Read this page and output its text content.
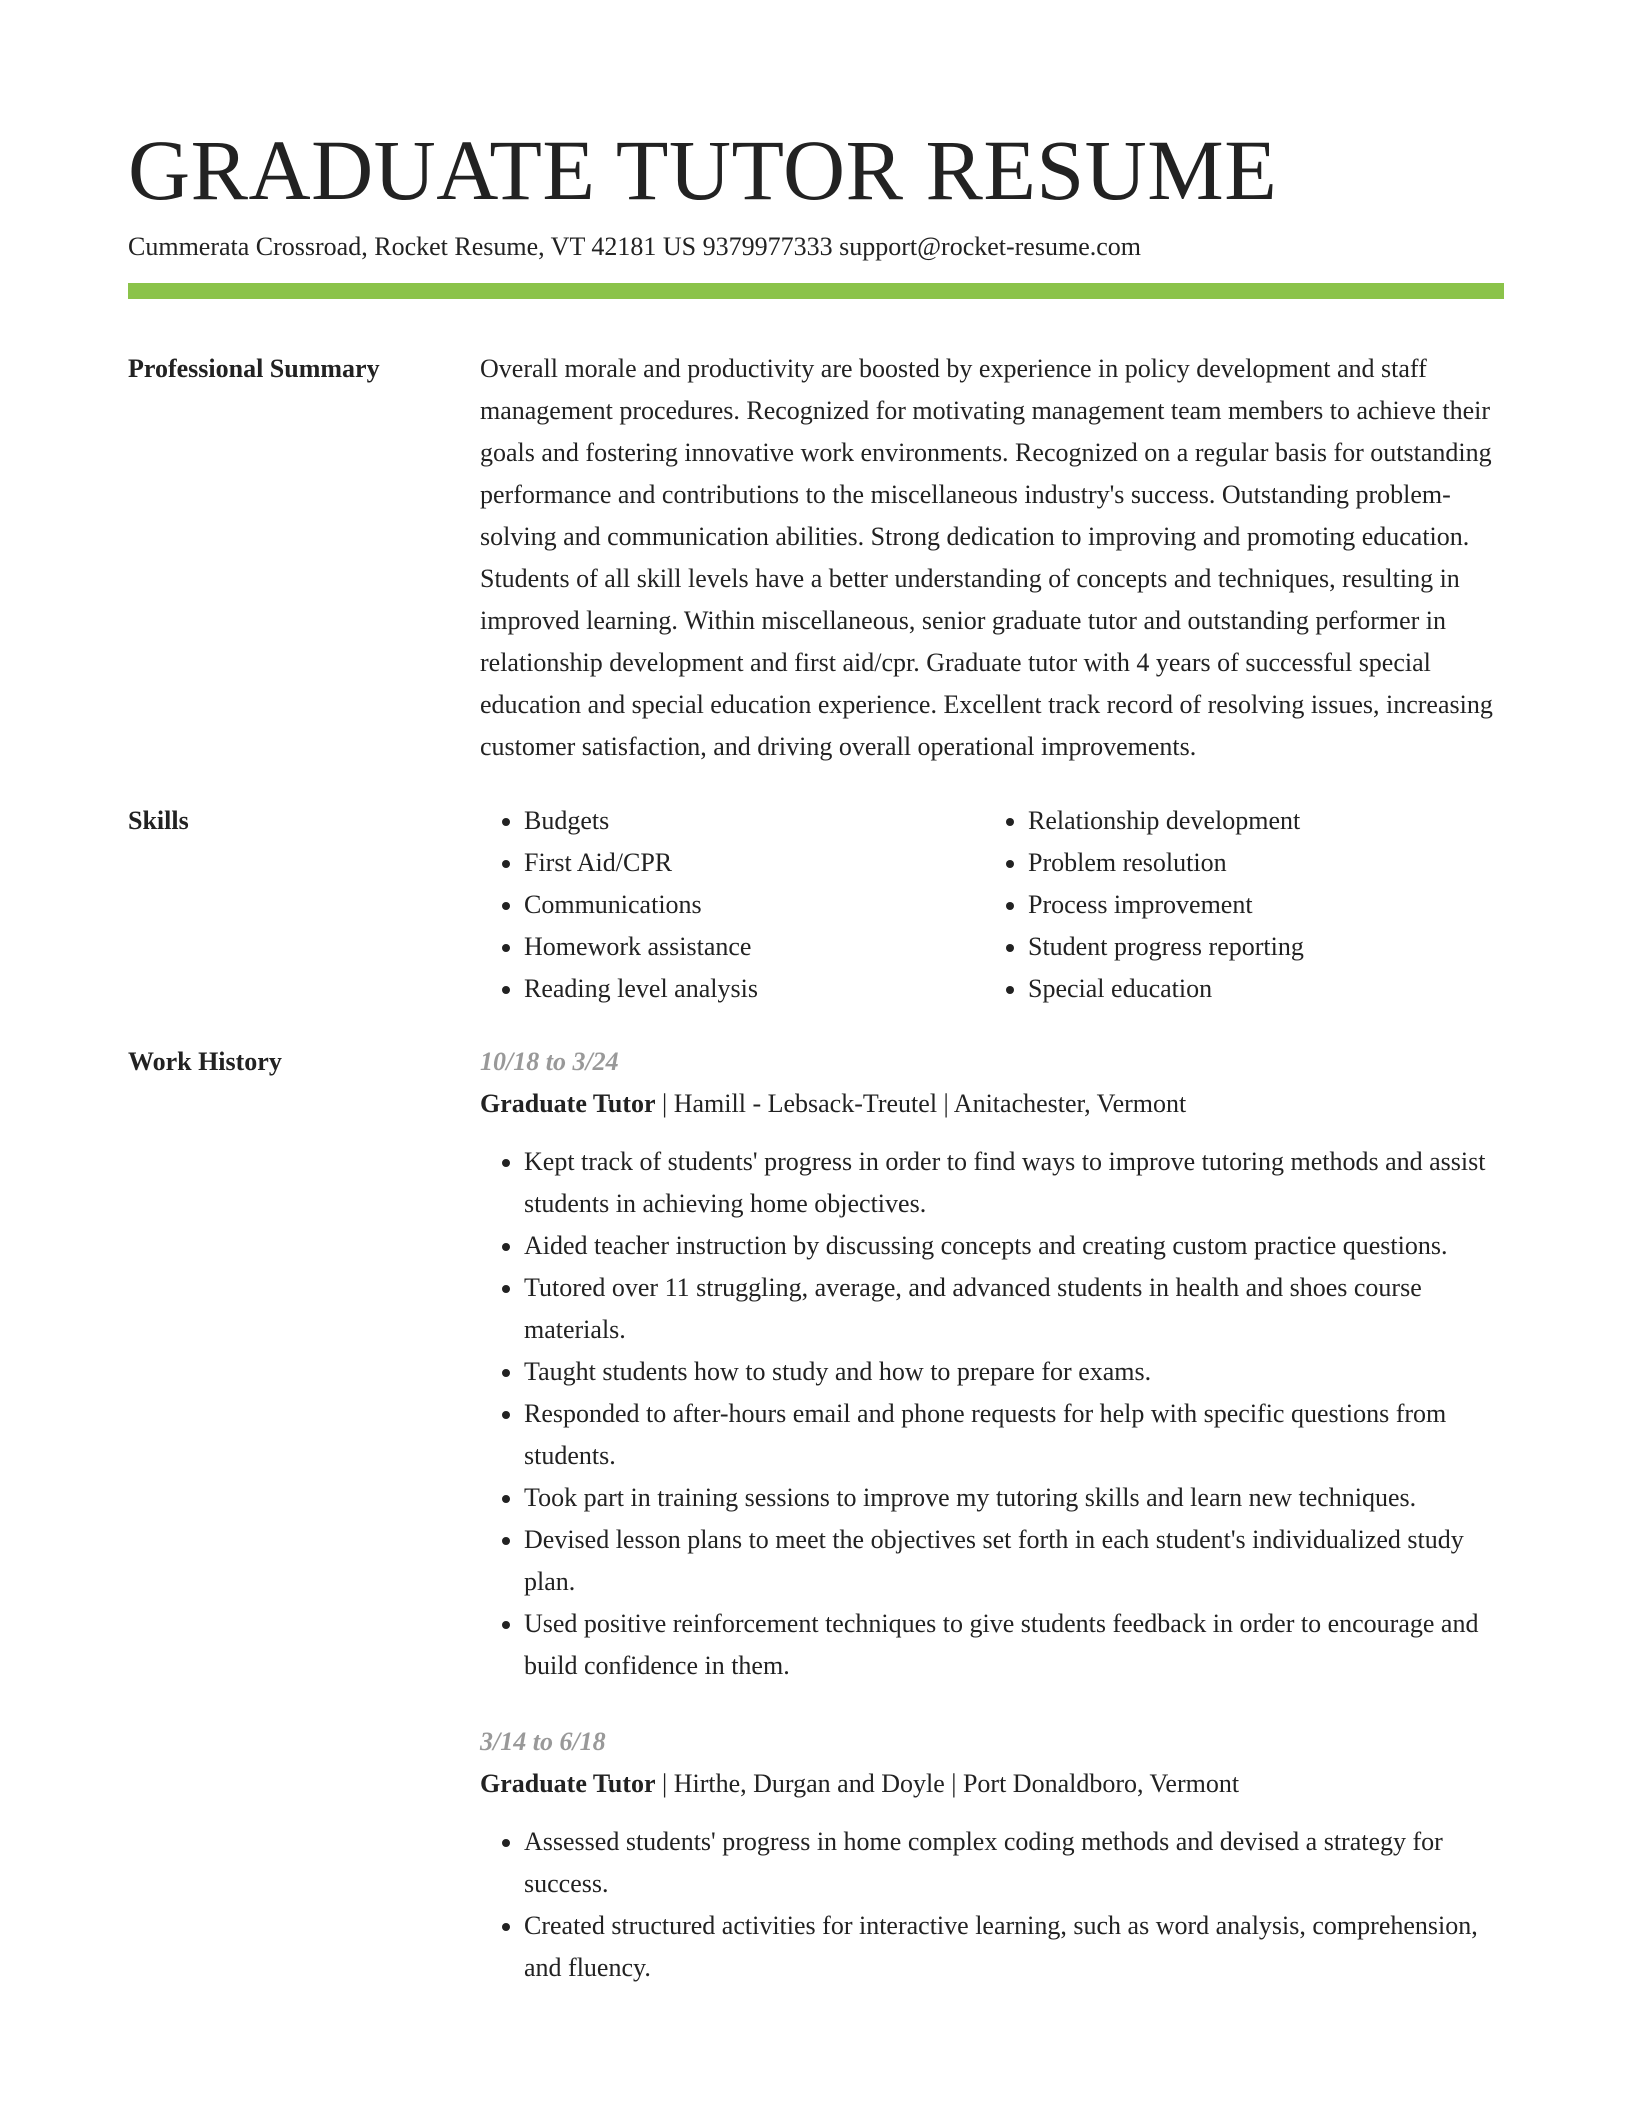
GRADUATE TUTOR RESUME
Cummerata Crossroad, Rocket Resume, VT 42181 US 9379977333 support@rocket-resume.com
Professional Summary	Overall morale and productivity are boosted by experience in policy development and staff management procedures. Recognized for motivating management team members to achieve their goals and fostering innovative work environments. Recognized on a regular basis for outstanding performance and contributions to the miscellaneous industry's success. Outstanding problem-solving and communication abilities. Strong dedication to improving and promoting education. Students of all skill levels have a better understanding of concepts and techniques, resulting in improved learning. Within miscellaneous, senior graduate tutor and outstanding performer in relationship development and first aid/cpr. Graduate tutor with 4 years of successful special education and special education experience. Excellent track record of resolving issues, increasing customer satisfaction, and driving overall operational improvements.

Skills
•	Budgets
• First Aid/CPR
• Communications
• Homework assistance
• Reading level analysis
• Relationship development
• Problem resolution
• Process improvement
• Student progress reporting
• Special education
Work History	10/18 to 3/24
Graduate Tutor | Hamill - Lebsack-Treutel | Anitachester, Vermont
• Kept track of students' progress in order to find ways to improve tutoring methods and assist students in achieving home objectives.
• Aided teacher instruction by discussing concepts and creating custom practice questions.
• Tutored over 11 struggling, average, and advanced students in health and shoes course materials.
• Taught students how to study and how to prepare for exams.
• Responded to after-hours email and phone requests for help with specific questions from students.
• Took part in training sessions to improve my tutoring skills and learn new techniques.
• Devised lesson plans to meet the objectives set forth in each student's individualized study plan.
• Used positive reinforcement techniques to give students feedback in order to encourage and build confidence in them.
3/14 to 6/18
Graduate Tutor | Hirthe, Durgan and Doyle | Port Donaldboro, Vermont
• Assessed students' progress in home complex coding methods and devised a strategy for success.
• Created structured activities for interactive learning, such as word analysis, comprehension, and fluency.
